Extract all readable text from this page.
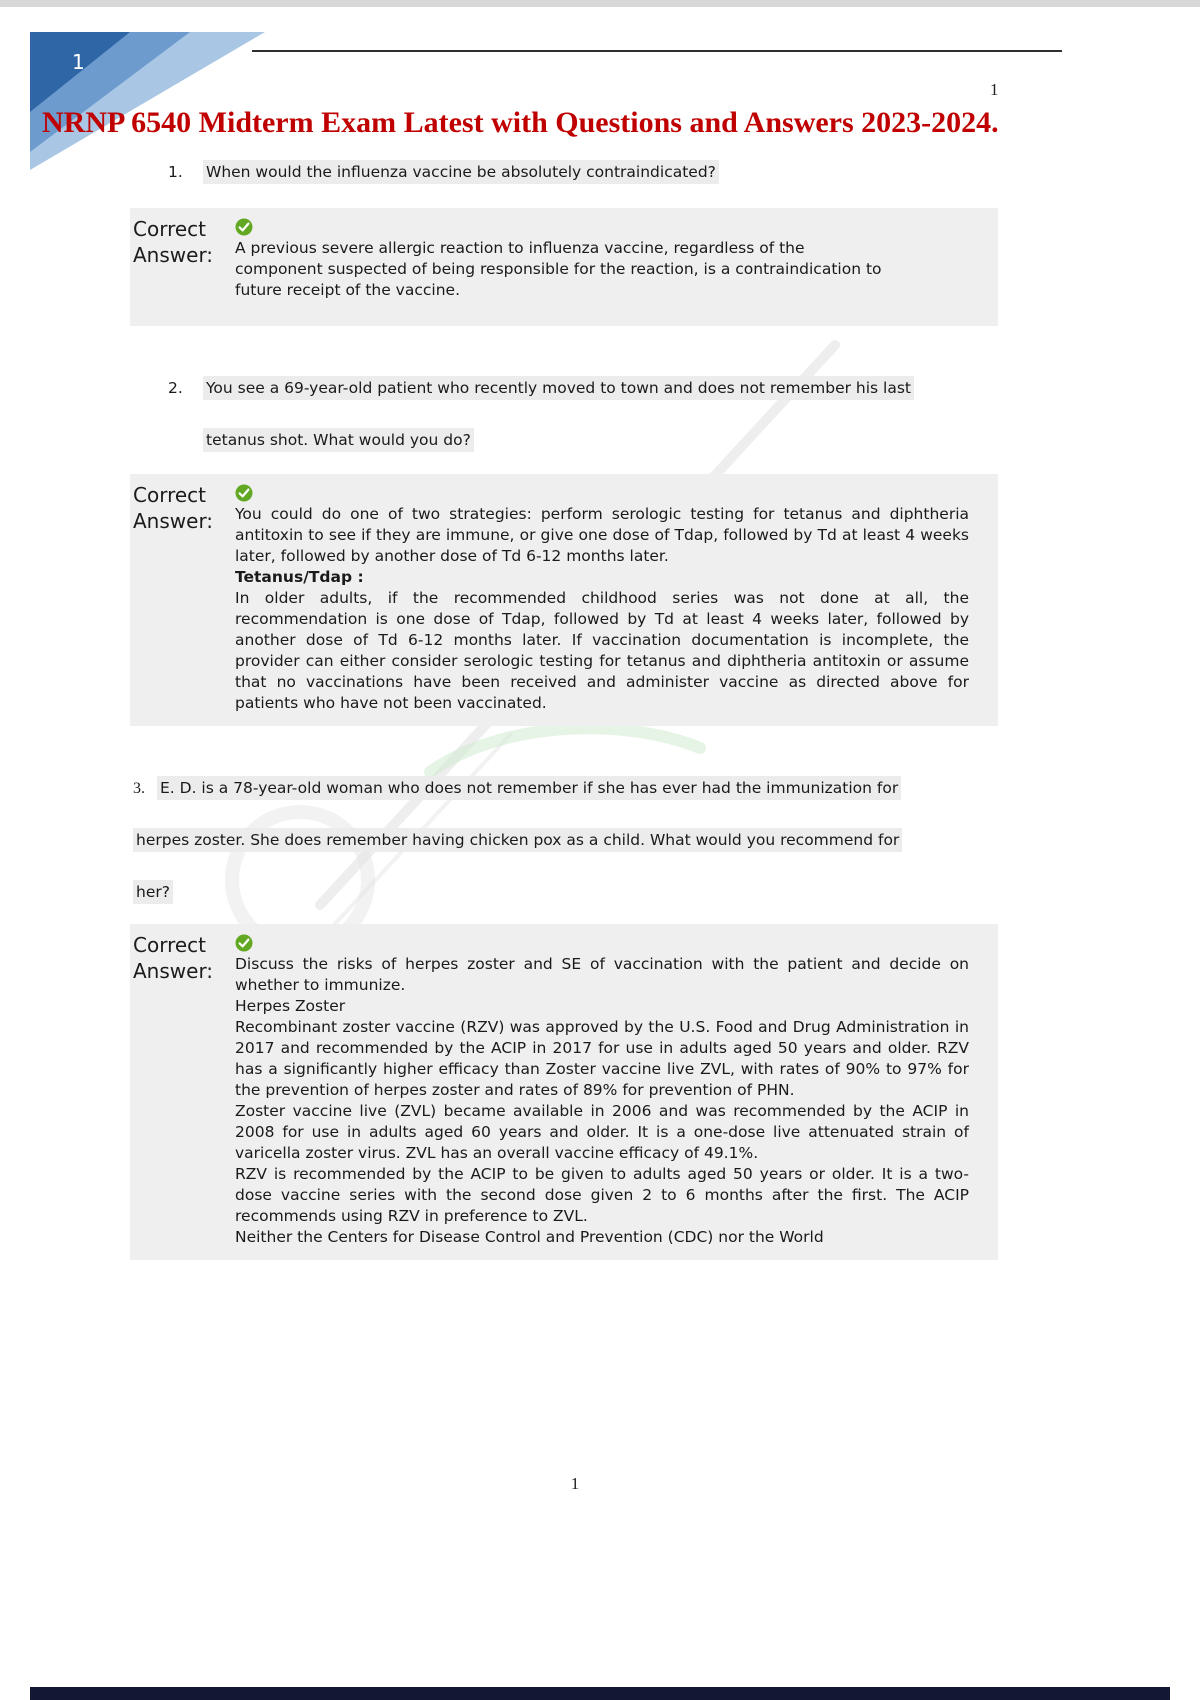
1
1
NRNP 6540 Midterm Exam Latest with Questions and Answers 2023-2024.
1. When would the influenza vaccine be absolutely contraindicated?
Correct Answer:	A previous severe allergic reaction to influenza vaccine, regardless of the component suspected of being responsible for the reaction, is a contraindication to future receipt of the vaccine.

2. You see a 69-year-old patient who recently moved to town and does not remember his last
tetanus shot. What would you do?
Correct Answer:	You could do one of two strategies: perform serologic testing for tetanus and diphtheria antitoxin to see if they are immune, or give one dose of Tdap, followed by Td at least 4 weeks later, followed by another dose of Td 6-12 months later.

Tetanus/Tdap :

In older adults, if the recommended childhood series was not done at all, the recommendation is one dose of Tdap, followed by Td at least 4 weeks later, followed by another dose of Td 6-12 months later. If vaccination documentation is incomplete, the provider can either consider serologic testing for tetanus and diphtheria antitoxin or assume that no vaccinations have been received and administer vaccine as directed above for patients who have not been vaccinated.

3. E. D. is a 78-year-old woman who does not remember if she has ever had the immunization for
herpes zoster. She does remember having chicken pox as a child. What would you recommend for
her?
Correct Answer:	Discuss the risks of herpes zoster and SE of vaccination with the patient and decide on whether to immunize.

Herpes Zoster

Recombinant zoster vaccine (RZV) was approved by the U.S. Food and Drug Administration in 2017 and recommended by the ACIP in 2017 for use in adults aged 50 years and older. RZV has a significantly higher efficacy than Zoster vaccine live ZVL, with rates of 90% to 97% for the prevention of herpes zoster and rates of 89% for prevention of PHN.

Zoster vaccine live (ZVL) became available in 2006 and was recommended by the ACIP in 2008 for use in adults aged 60 years and older. It is a one-dose live attenuated strain of varicella zoster virus. ZVL has an overall vaccine efficacy of 49.1%.

RZV is recommended by the ACIP to be given to adults aged 50 years or older. It is a two-dose vaccine series with the second dose given 2 to 6 months after the first. The ACIP recommends using RZV in preference to ZVL.

Neither the Centers for Disease Control and Prevention (CDC) nor the World

1
